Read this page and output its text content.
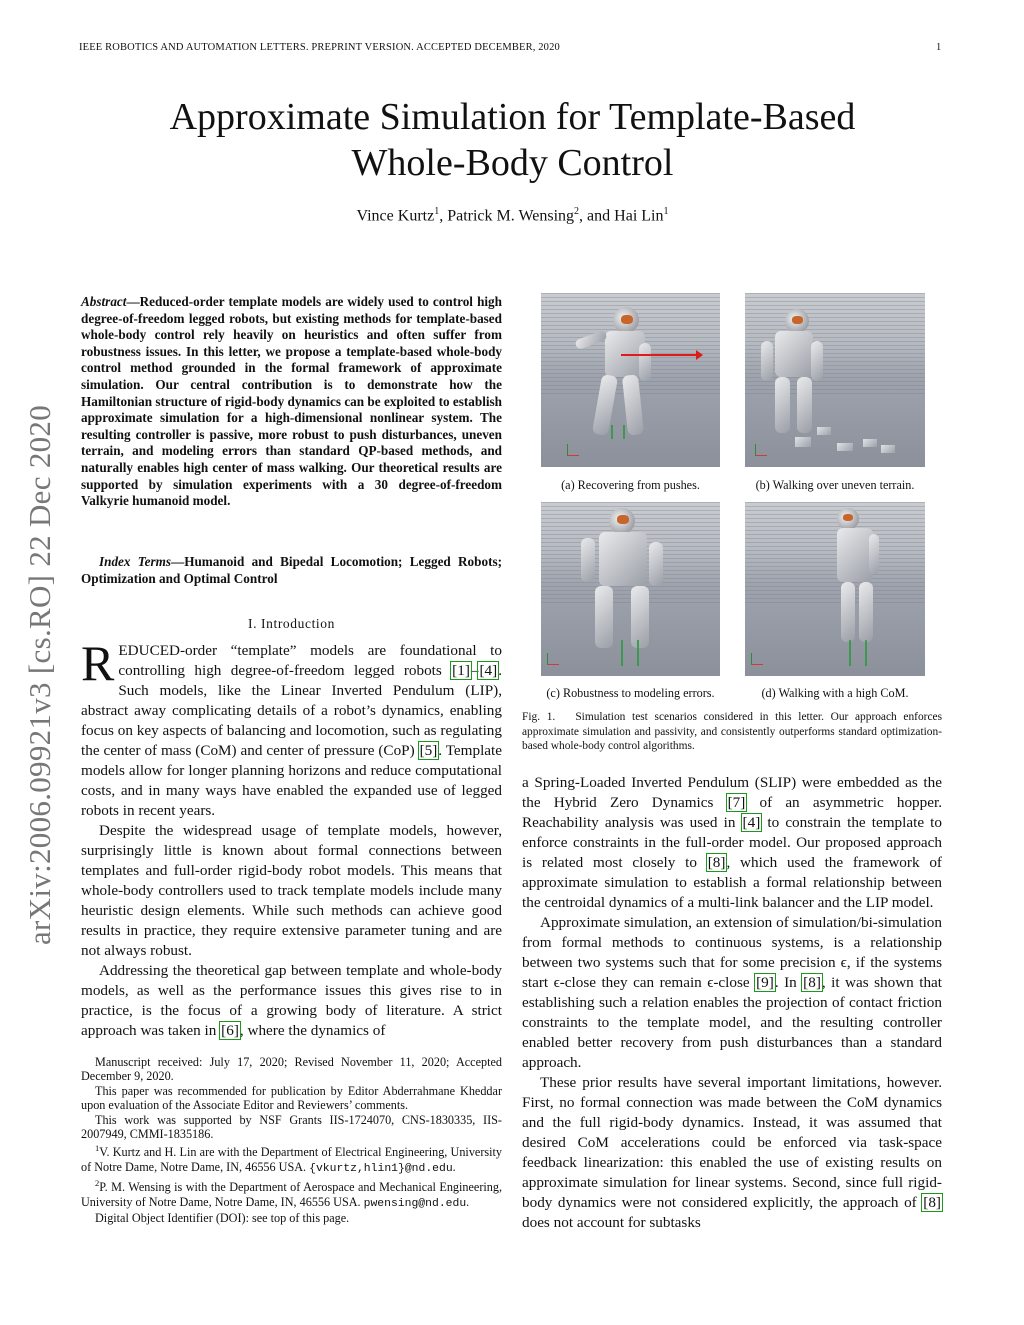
IEEE ROBOTICS AND AUTOMATION LETTERS. PREPRINT VERSION. ACCEPTED DECEMBER, 2020	1
Approximate Simulation for Template-Based
Whole-Body Control
Vince Kurtz$^1$, Patrick M. Wensing$^2$, and Hai Lin$^1$
arXiv:2006.09921v3 [cs.RO] 22 Dec 2020
Abstract—Reduced-order template models are widely used to control high degree-of-freedom legged robots, but existing methods for template-based whole-body control rely heavily on heuristics and often suffer from robustness issues. In this letter, we propose a template-based whole-body control method grounded in the formal framework of approximate simulation. Our central contribution is to demonstrate how the Hamiltonian structure of rigid-body dynamics can be exploited to establish approximate simulation for a high-dimensional nonlinear system. The resulting controller is passive, more robust to push disturbances, uneven terrain, and modeling errors than standard QP-based methods, and naturally enables high center of mass walking. Our theoretical results are supported by simulation experiments with a 30 degree-of-freedom Valkyrie humanoid model.
Index Terms—Humanoid and Bipedal Locomotion; Legged Robots; Optimization and Optimal Control
I. Introduction

REDUCED-order “template” models are foundational to controlling high degree-of-freedom legged robots [1]–[4]. Such models, like the Linear Inverted Pendulum (LIP), abstract away complicating details of a robot’s dynamics, enabling focus on key aspects of balancing and locomotion, such as regulating the center of mass (CoM) and center of pressure (CoP) [5]. Template models allow for longer planning horizons and reduce computational costs, and in many ways have enabled the expanded use of legged robots in recent years.

Despite the widespread usage of template models, however, surprisingly little is known about formal connections between templates and full-order rigid-body robot models. This means that whole-body controllers used to track template models include many heuristic design elements. While such methods can achieve good results in practice, they require extensive parameter tuning and are not always robust.

Addressing the theoretical gap between template and whole-body models, as well as the performance issues this gives rise to in practice, is the focus of a growing body of literature. A strict approach was taken in [6], where the dynamics of

Manuscript received: July 17, 2020; Revised November 11, 2020; Accepted December 9, 2020.

This paper was recommended for publication by Editor Abderrahmane Kheddar upon evaluation of the Associate Editor and Reviewers’ comments.

This work was supported by NSF Grants IIS-1724070, CNS-1830335, IIS-2007949, CMMI-1835186.

$^1$V. Kurtz and H. Lin are with the Department of Electrical Engineering, University of Notre Dame, Notre Dame, IN, 46556 USA. {vkurtz,hlin1}@nd.edu.

$^2$P. M. Wensing is with the Department of Aerospace and Mechanical Engineering, University of Notre Dame, Notre Dame, IN, 46556 USA. pwensing@nd.edu.

Digital Object Identifier (DOI): see top of this page.

(a) Recovering from pushes.	(b) Walking over uneven terrain.
(c) Robustness to modeling errors.	(d) Walking with a high CoM.
Fig. 1. Simulation test scenarios considered in this letter. Our approach enforces approximate simulation and passivity, and consistently outperforms standard optimization-based whole-body control algorithms.

a Spring-Loaded Inverted Pendulum (SLIP) were embedded as the the Hybrid Zero Dynamics [7] of an asymmetric hopper. Reachability analysis was used in [4] to constrain the template to enforce constraints in the full-order model. Our proposed approach is related most closely to [8], which used the framework of approximate simulation to establish a formal relationship between the centroidal dynamics of a multi-link balancer and the LIP model.

Approximate simulation, an extension of simulation/bi-simulation from formal methods to continuous systems, is a relationship between two systems such that for some precision ϵ, if the systems start ϵ-close they can remain ϵ-close [9]. In [8], it was shown that establishing such a relation enables the projection of contact friction constraints to the template model, and the resulting controller enabled better recovery from push disturbances than a standard approach.

These prior results have several important limitations, however. First, no formal connection was made between the CoM dynamics and the full rigid-body dynamics. Instead, it was assumed that desired CoM accelerations could be enforced via task-space feedback linearization: this enabled the use of existing results on approximate simulation for linear systems. Second, since full rigid-body dynamics were not considered explicitly, the approach of [8] does not account for subtasks
